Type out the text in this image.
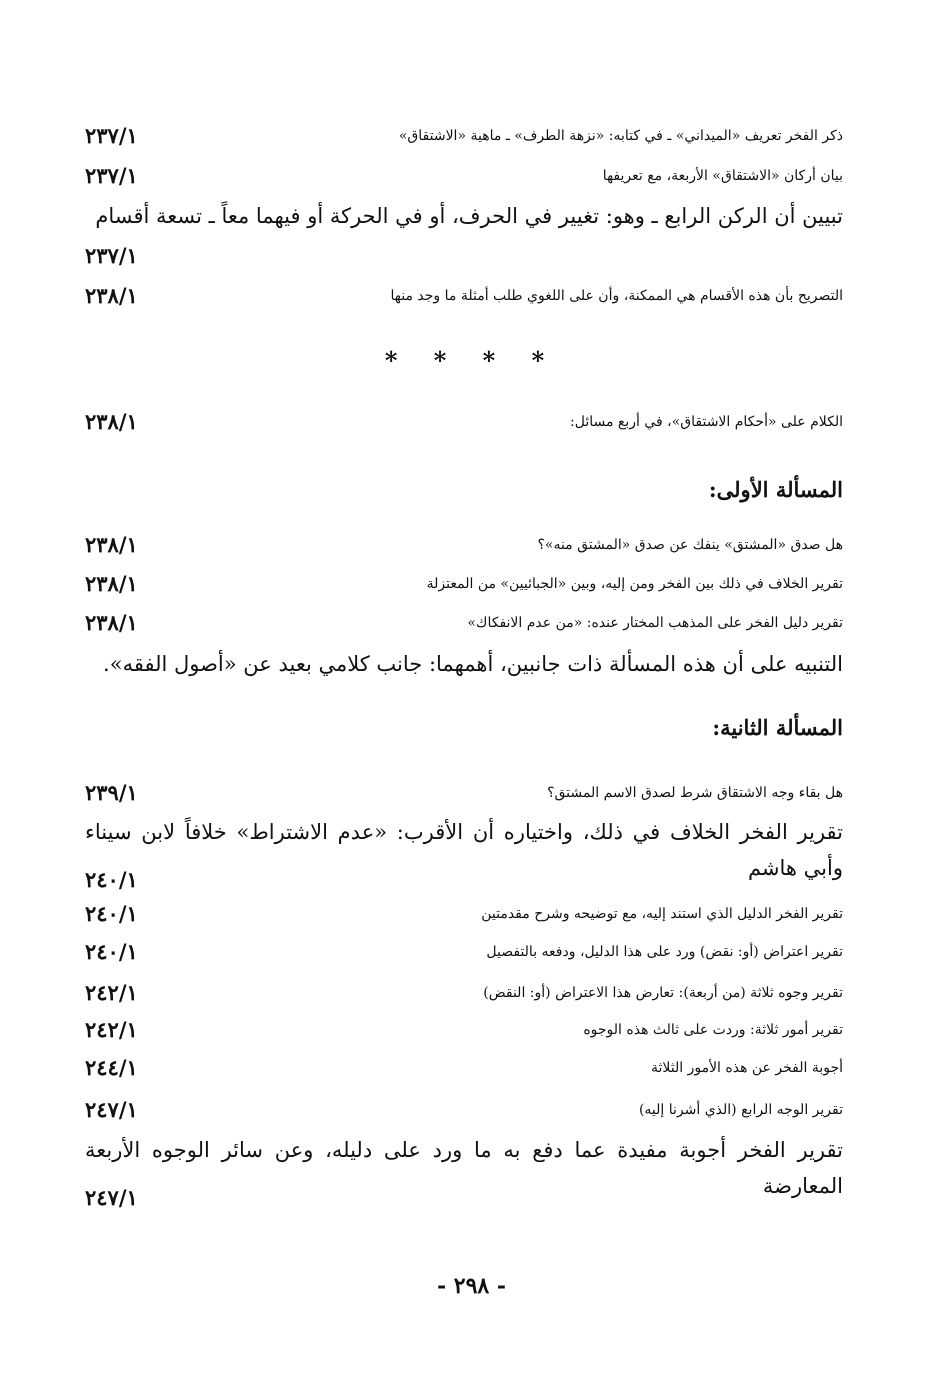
ذكر الفخر تعريف «الميداني» ـ في كتابه: «نزهة الطرف» ـ ماهية «الاشتقاق»
٢٣٧/١
بيان أركان «الاشتقاق» الأربعة، مع تعريفها
٢٣٧/١
تبيين أن الركن الرابع ـ وهو: تغيير في الحرف، أو في الحركة أو فيهما معاً ـ تسعة أقسام
٢٣٧/١
التصريح بأن هذه الأقسام هي الممكنة، وأن على اللغوي طلب أمثلة ما وجد منها
٢٣٨/١
* * * *
الكلام على «أحكام الاشتقاق»، في أربع مسائل:
٢٣٨/١
المسألة الأولى:
هل صدق «المشتق» ينفك عن صدق «المشتق منه»؟
٢٣٨/١
تقرير الخلاف في ذلك بين الفخر ومن إليه، وبين «الجبائيين» من المعتزلة
٢٣٨/١
تقرير دليل الفخر على المذهب المختار عنده: «من عدم الانفكاك»
٢٣٨/١
التنبيه على أن هذه المسألة ذات جانبين، أهمهما: جانب كلامي بعيد عن «أصول الفقه».
المسألة الثانية:
هل بقاء وجه الاشتقاق شرط لصدق الاسم المشتق؟
٢٣٩/١
تقرير الفخر الخلاف في ذلك، واختياره أن الأقرب: «عدم الاشتراط» خلافاً لابن سيناء وأبي هاشم
٢٤٠/١
تقرير الفخر الدليل الذي استند إليه، مع توضيحه وشرح مقدمتين
٢٤٠/١
تقرير اعتراض (أو: نقض) ورد على هذا الدليل، ودفعه بالتفصيل
٢٤٠/١
تقرير وجوه ثلاثة (من أربعة): تعارض هذا الاعتراض (أو: النقض)
٢٤٢/١
تقرير أمور ثلاثة: وردت على ثالث هذه الوجوه
٢٤٢/١
أجوبة الفخر عن هذه الأمور الثلاثة
٢٤٤/١
تقرير الوجه الرابع (الذي أشرنا إليه)
٢٤٧/١
تقرير الفخر أجوبة مفيدة عما دفع به ما ورد على دليله، وعن سائر الوجوه الأربعة المعارضة
٢٤٧/١
- ٢٩٨ -
